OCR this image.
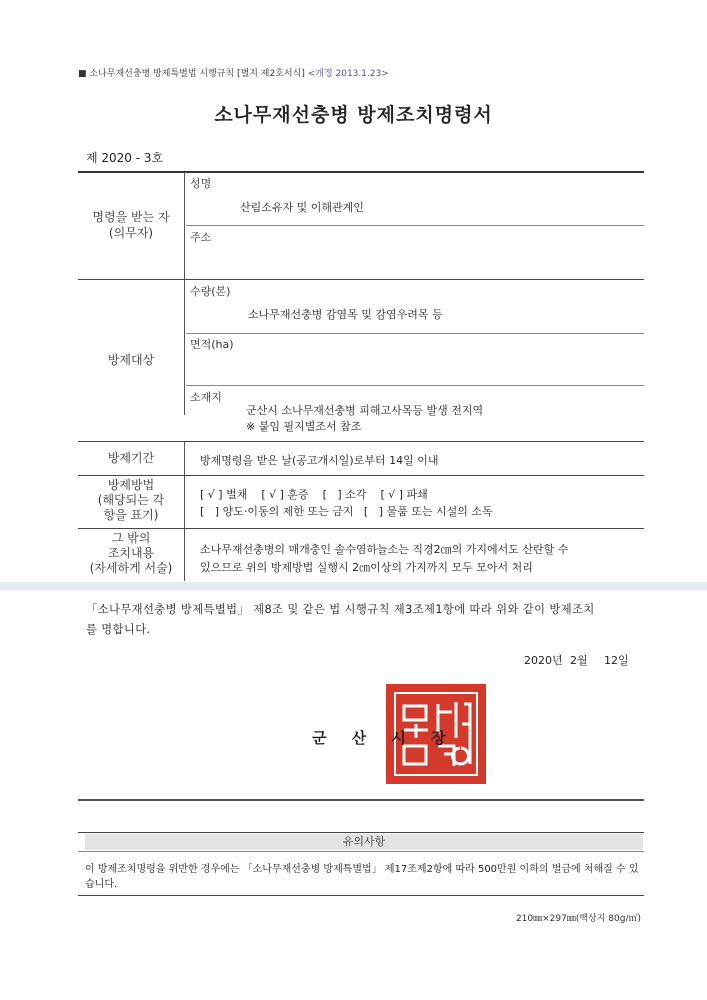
■ 소나무재선충병 방제특별법 시행규칙 [별지 제2호서식] <개정 2013.1.23>
소나무재선충병 방제조치명령서
제 2020 - 3호
명령을 받는 자
(의무자)
성명
산림소유자 및 이해관계인
주소
방제대상
수량(본)
소나무재선충병 감염목 및 감염우려목 등
면적(ha)
소재지
군산시 소나무재선충병 피해고사목등 발생 전지역
※ 붙임 필지별조서 참조
방제기간	방제명령을 받은 날(공고개시일)로부터 14일 이내
방제방법
(해당되는 각
항을 표기)
[ √ ] 벌채    [ √ ] 훈증    [   ] 소각    [ √ ] 파쇄
[   ] 양도·이동의 제한 또는 금지   [   ] 물품 또는 시설의 소독
그 밖의
조치내용
(자세하게 서술)
소나무재선충병의 매개충인 솔수염하늘소는 직경2㎝의 가지에서도 산란할 수
있으므로 위의 방제방법 실행시 2㎝이상의 가지까지 모두 모아서 처리
「소나무재선충병 방제특별법」 제8조 및 같은 법 시행규칙 제3조제1항에 따라 위와 같이 방제조치
를 명합니다.
2020년 2월 12일
군 산 시 장
유의사항
이 방제조치명령을 위반한 경우에는 「소나무재선충병 방제특별법」 제17조제2항에 따라 500만원 이하의 벌금에 처해질 수 있습니다.
210㎜×297㎜(백상지 80g/㎡)
